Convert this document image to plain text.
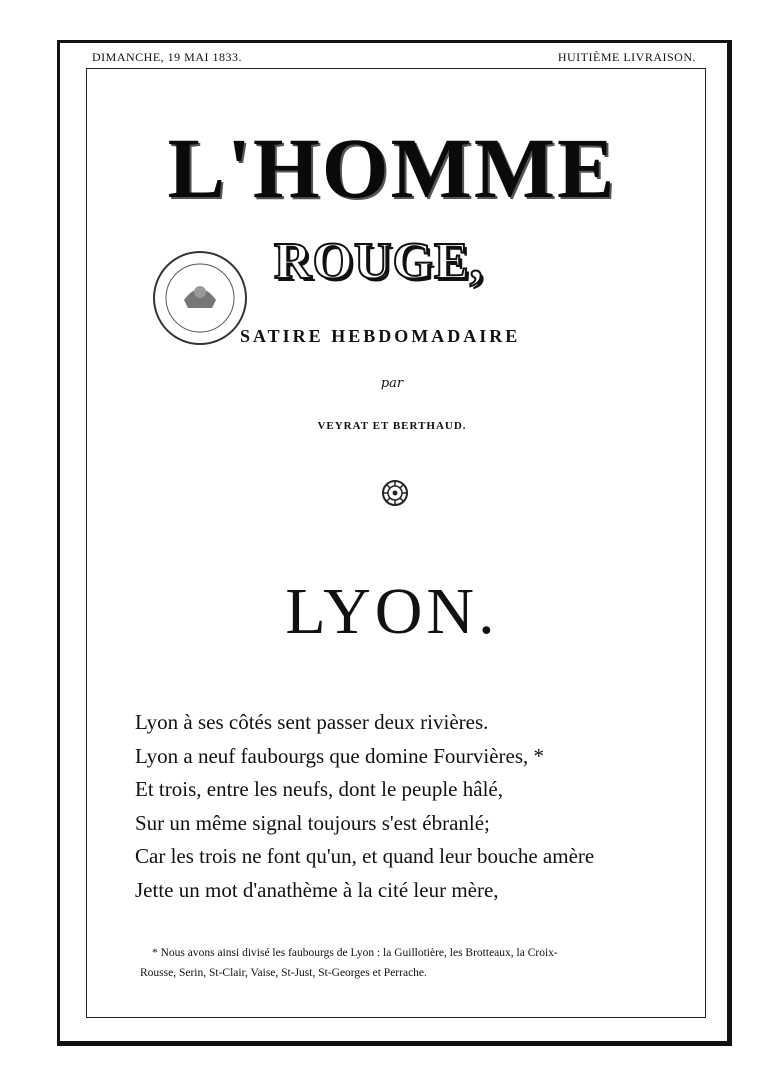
DIMANCHE, 19 MAI 1833.	HUITIÈME LIVRAISON.
L'HOMME
ROUGE,
SATIRE HEBDOMADAIRE
par
VEYRAT ET BERTHAUD.
LYON.
Lyon à ses côtés sent passer deux rivières.
Lyon a neuf faubourgs que domine Fourvières, *
Et trois, entre les neufs, dont le peuple hâlé,
Sur un même signal toujours s'est ébranlé;
Car les trois ne font qu'un, et quand leur bouche amère
Jette un mot d'anathème à la cité leur mère,
* Nous avons ainsi divisé les faubourgs de Lyon : la Guillotière, les Brotteaux, la Croix-
Rousse, Serin, St-Clair, Vaise, St-Just, St-Georges et Perrache.
